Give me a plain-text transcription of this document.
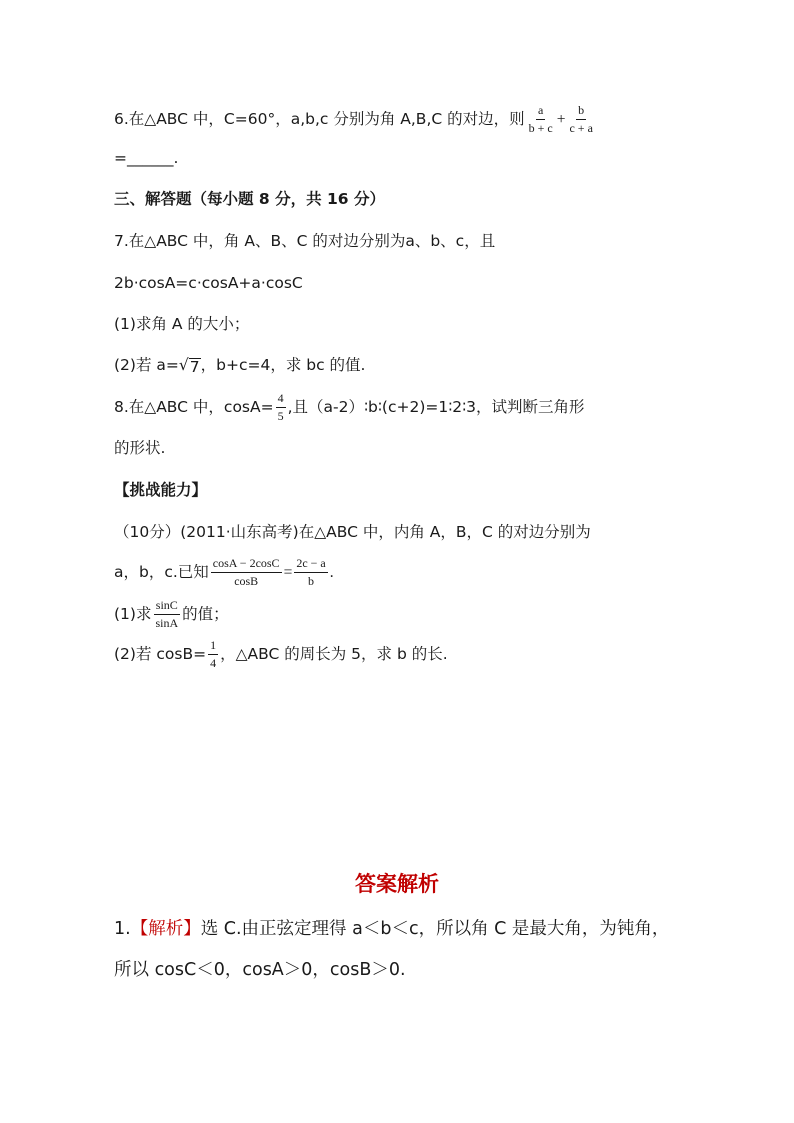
6.在△ABC 中，C=60°，a,b,c 分别为角 A,B,C 的对边，则 $\frac{a}{b + c} + \frac{b}{c + a}$
=______.
三、解答题（每小题 8 分，共 16 分）
7.在△ABC 中，角 A、B、C 的对边分别为a、b、c，且
2b·cosA=c·cosA+a·cosC
(1)求角 A 的大小；
(2)若 a= √ 7 ，b+c=4，求 bc 的值.
8.在△ABC 中，$\cos A= \frac{4}{5}$ ,且（a-2）∶b∶(c+2)=1∶2∶3，试判断三角形
的形状.
【挑战能力】
（10分）(2011·山东高考)在△ABC 中，内角 A，B，C 的对边分别为
a，b，c.已知 $\frac{\cos A - 2\cos C}{\cos B} = \frac{2c - a}{b}$ .
(1)求 $\frac{\sin C}{\sin A}$ 的值；
(2)若 $\cos B= \frac{1}{4}$ ，△ABC 的周长为 5，求 b 的长.
答案解析
1.【解析】选 C.由正弦定理得 a＜b＜c，所以角 C 是最大角，为钝角，
所以 cosC＜0，cosA＞0，cosB＞0.
